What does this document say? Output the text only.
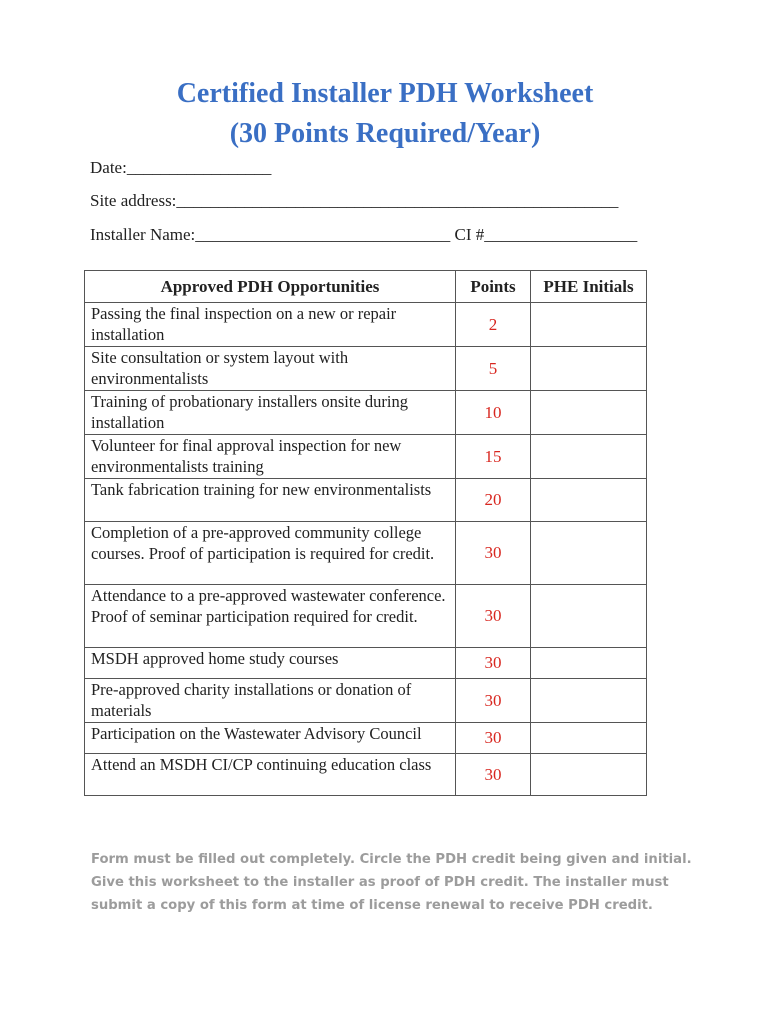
Certified Installer PDH Worksheet
(30 Points Required/Year)
Date:_________________
Site address:____________________________________________________
Installer Name:______________________________ CI #__________________
Approved PDH Opportunities	Points	PHE Initials
Passing the final inspection on a new or repair installation	2	
Site consultation or system layout with environmentalists	5	
Training of probationary installers onsite during installation	10	
Volunteer for final approval inspection for new environmentalists training	15	
Tank fabrication training for new environmentalists	20	
Completion of a pre-approved community college courses. Proof of participation is required for credit.	30	
Attendance to a pre-approved wastewater conference. Proof of seminar participation required for credit.	30	
MSDH approved home study courses	30	
Pre-approved charity installations or donation of materials	30	
Participation on the Wastewater Advisory Council	30	
Attend an MSDH CI/CP continuing education class	30	
Form must be filled out completely. Circle the PDH credit being given and initial.
Give this worksheet to the installer as proof of PDH credit. The installer must
submit a copy of this form at time of license renewal to receive PDH credit.
